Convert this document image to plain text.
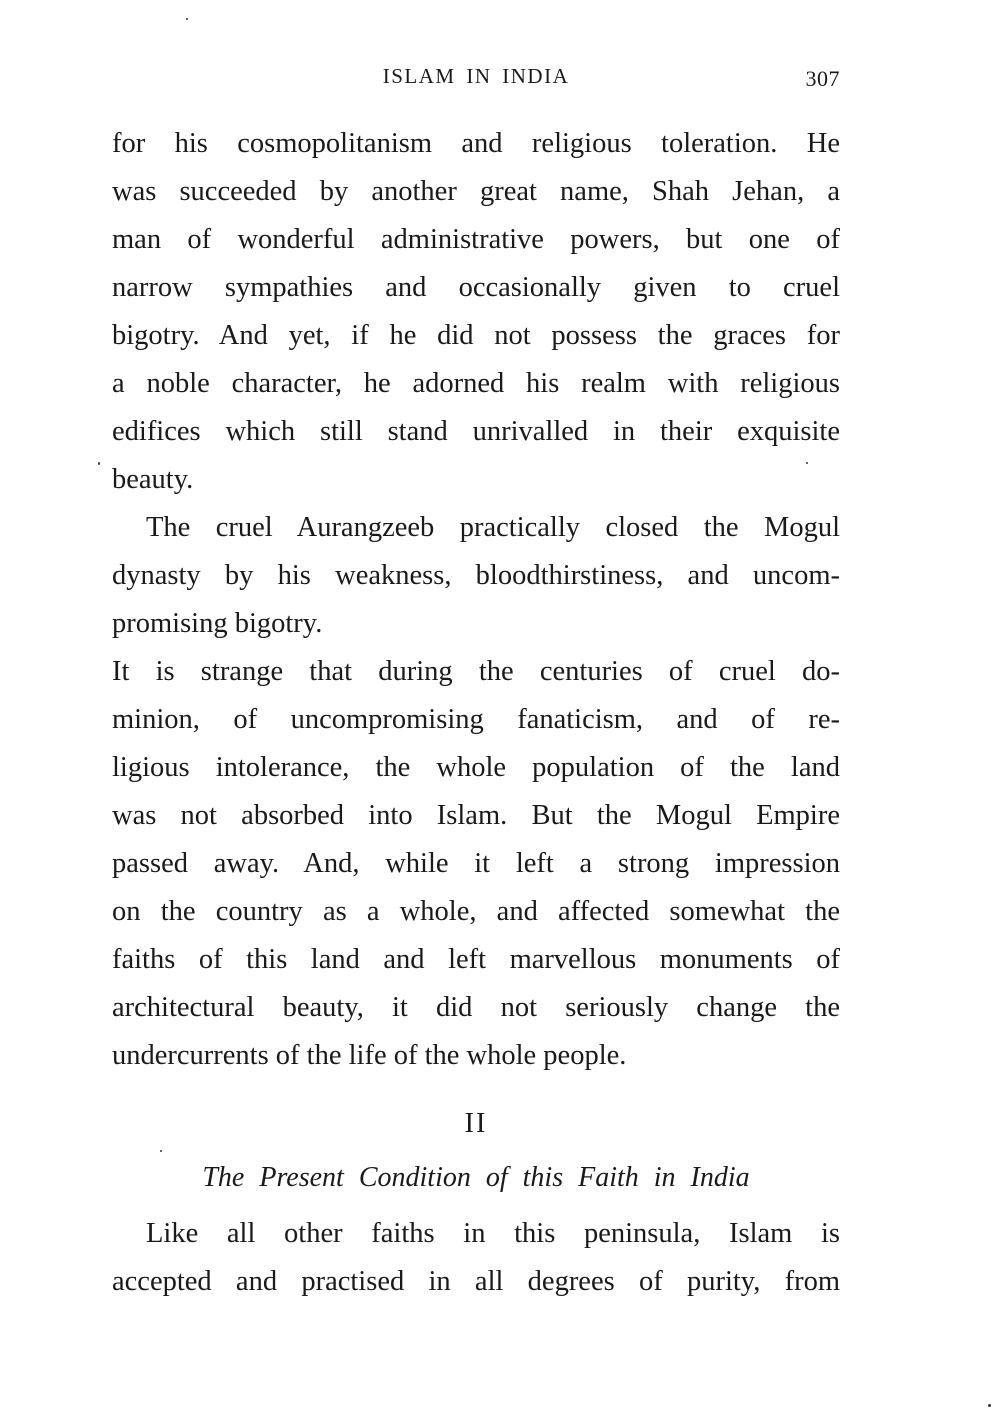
ISLAM IN INDIA	307
for his cosmopolitanism and religious toleration. He
was succeeded by another great name, Shah Jehan, a
man of wonderful administrative powers, but one of
narrow sympathies and occasionally given to cruel
bigotry. And yet, if he did not possess the graces for
a noble character, he adorned his realm with religious
edifices which still stand unrivalled in their exquisite
beauty.
The cruel Aurangzeeb practically closed the Mogul
dynasty by his weakness, bloodthirstiness, and uncom-
promising bigotry.
It is strange that during the centuries of cruel do-
minion, of uncompromising fanaticism, and of re-
ligious intolerance, the whole population of the land
was not absorbed into Islam. But the Mogul Empire
passed away. And, while it left a strong impression
on the country as a whole, and affected somewhat the
faiths of this land and left marvellous monuments of
architectural beauty, it did not seriously change the
undercurrents of the life of the whole people.
II
The Present Condition of this Faith in India
Like all other faiths in this peninsula, Islam is
accepted and practised in all degrees of purity, from
